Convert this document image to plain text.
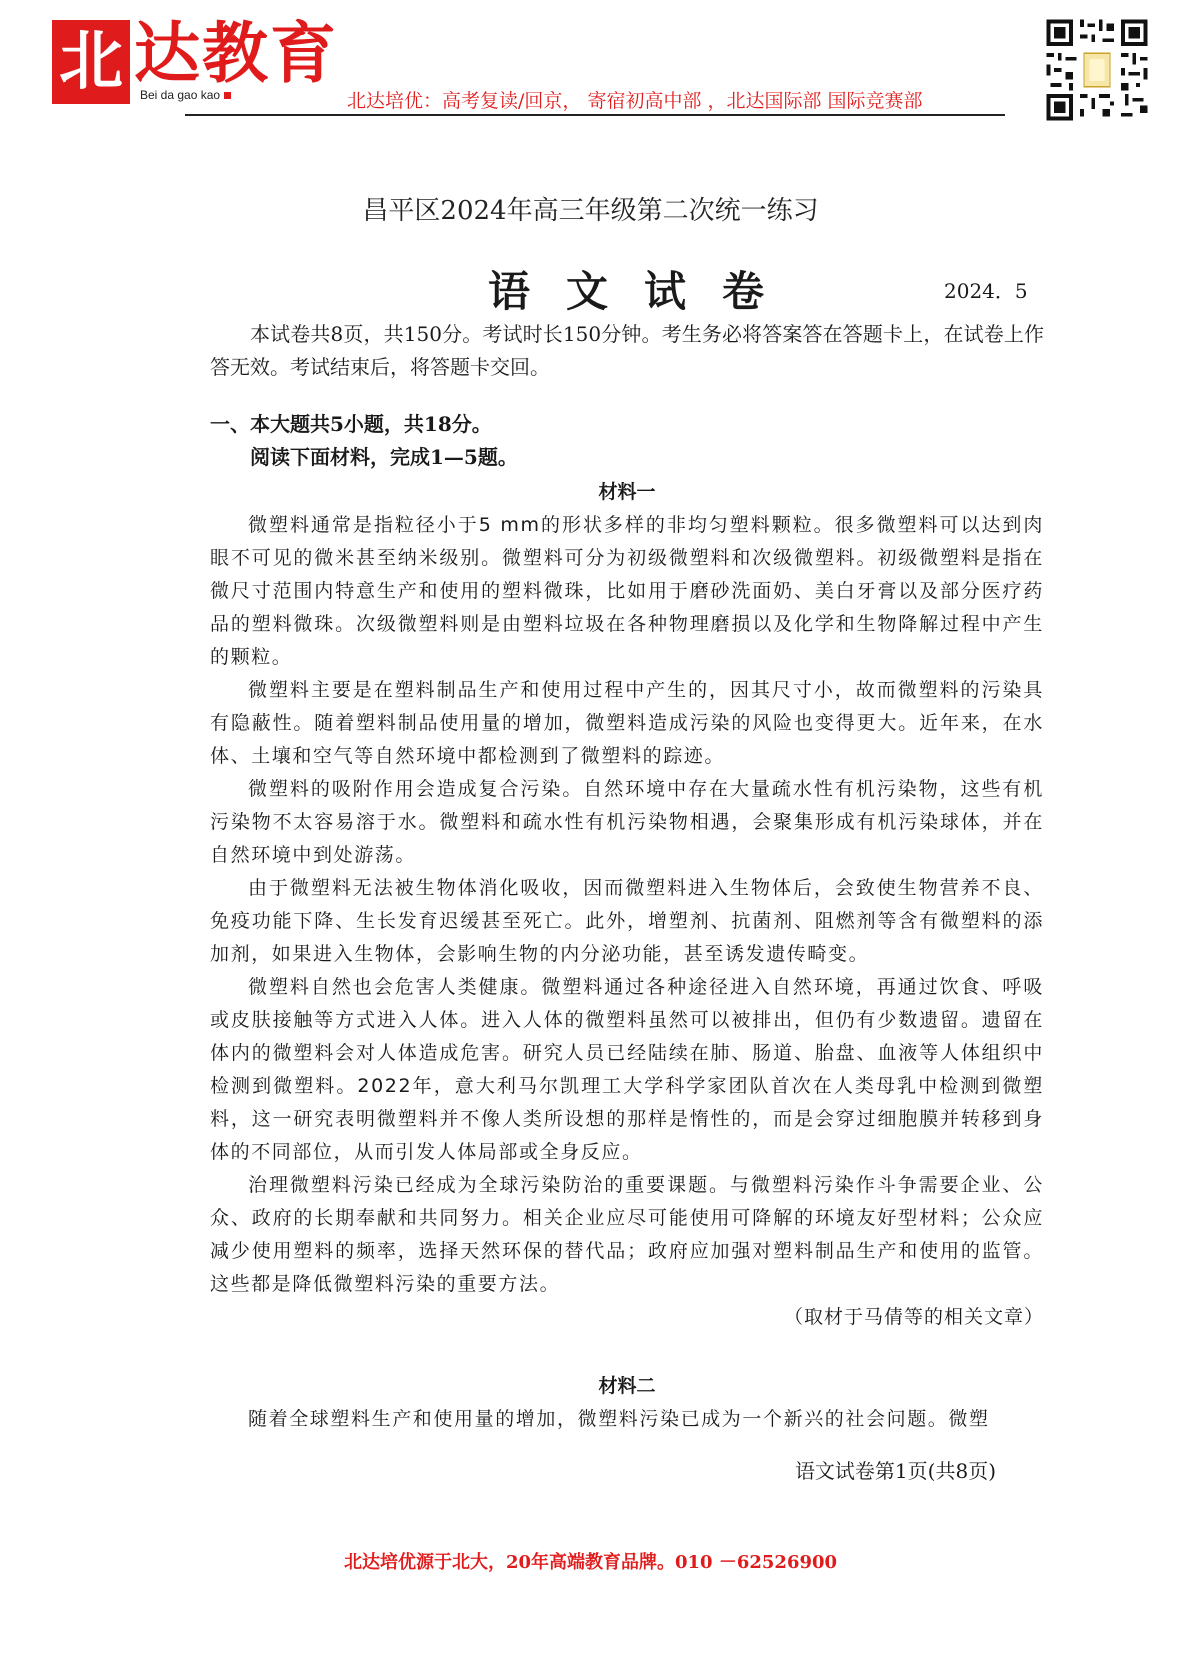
北 达教育
Bei da gao kao	北达培优：高考复读/回京， 寄宿初高中部 ，北达国际部 国际竞赛部
昌平区2024年高三年级第二次统一练习
语文试卷	2024．5

本试卷共8页，共150分。考试时长150分钟。考生务必将答案答在答题卡上，在试卷上作答无效。考试结束后，将答题卡交回。

一、本大题共5小题，共18分。

阅读下面材料，完成1—5题。

材料一

微塑料通常是指粒径小于5 mm的形状多样的非均匀塑料颗粒。很多微塑料可以达到肉眼不可见的微米甚至纳米级别。微塑料可分为初级微塑料和次级微塑料。初级微塑料是指在微尺寸范围内特意生产和使用的塑料微珠，比如用于磨砂洗面奶、美白牙膏以及部分医疗药品的塑料微珠。次级微塑料则是由塑料垃圾在各种物理磨损以及化学和生物降解过程中产生的颗粒。

微塑料主要是在塑料制品生产和使用过程中产生的，因其尺寸小，故而微塑料的污染具有隐蔽性。随着塑料制品使用量的增加，微塑料造成污染的风险也变得更大。近年来，在水体、土壤和空气等自然环境中都检测到了微塑料的踪迹。

微塑料的吸附作用会造成复合污染。自然环境中存在大量疏水性有机污染物，这些有机污染物不太容易溶于水。微塑料和疏水性有机污染物相遇，会聚集形成有机污染球体，并在自然环境中到处游荡。

由于微塑料无法被生物体消化吸收，因而微塑料进入生物体后，会致使生物营养不良、免疫功能下降、生长发育迟缓甚至死亡。此外，增塑剂、抗菌剂、阻燃剂等含有微塑料的添加剂，如果进入生物体，会影响生物的内分泌功能，甚至诱发遗传畸变。

微塑料自然也会危害人类健康。微塑料通过各种途径进入自然环境，再通过饮食、呼吸或皮肤接触等方式进入人体。进入人体的微塑料虽然可以被排出，但仍有少数遗留。遗留在体内的微塑料会对人体造成危害。研究人员已经陆续在肺、肠道、胎盘、血液等人体组织中检测到微塑料。2022年，意大利马尔凯理工大学科学家团队首次在人类母乳中检测到微塑料，这一研究表明微塑料并不像人类所设想的那样是惰性的，而是会穿过细胞膜并转移到身体的不同部位，从而引发人体局部或全身反应。

治理微塑料污染已经成为全球污染防治的重要课题。与微塑料污染作斗争需要企业、公众、政府的长期奉献和共同努力。相关企业应尽可能使用可降解的环境友好型材料；公众应减少使用塑料的频率，选择天然环保的替代品；政府应加强对塑料制品生产和使用的监管。这些都是降低微塑料污染的重要方法。

（取材于马倩等的相关文章）

材料二

随着全球塑料生产和使用量的增加，微塑料污染已成为一个新兴的社会问题。微塑

语文试卷第1页(共8页)
北达培优源于北大，20年高端教育品牌。010 －62526900
